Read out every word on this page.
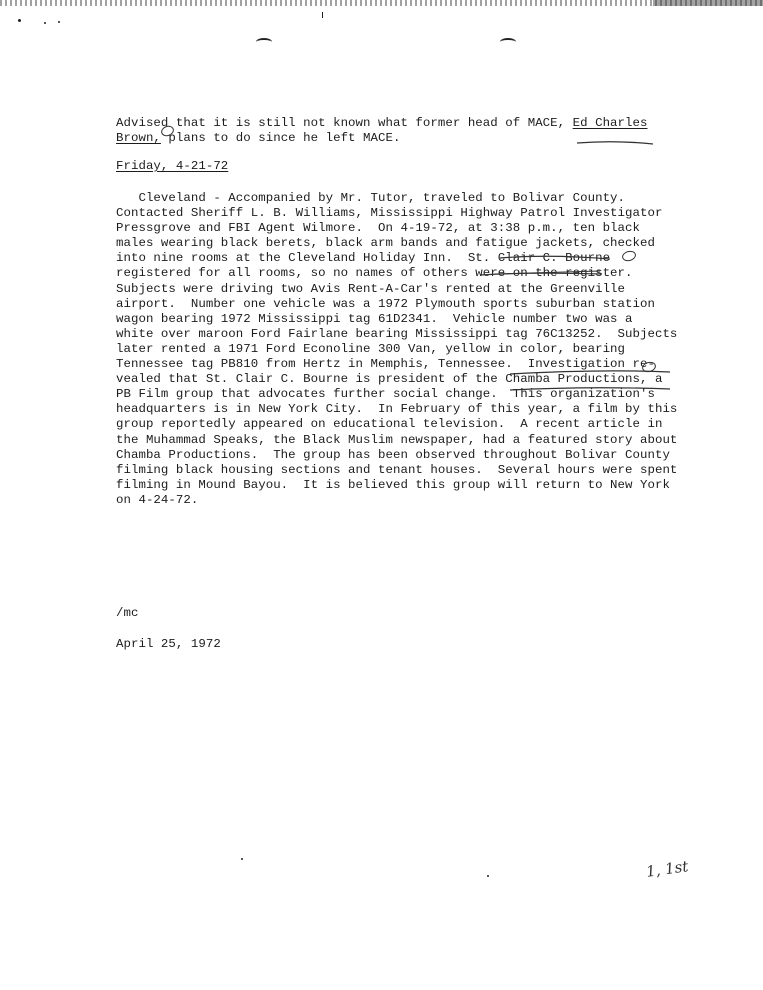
Advised that it is still not known what former head of MACE, Ed Charles
Brown, plans to do since he left MACE.
Friday, 4-21-72
Cleveland - Accompanied by Mr. Tutor, traveled to Bolivar County.
Contacted Sheriff L. B. Williams, Mississippi Highway Patrol Investigator
Pressgrove and FBI Agent Wilmore.  On 4-19-72, at 3:38 p.m., ten black
males wearing black berets, black arm bands and fatigue jackets, checked
into nine rooms at the Cleveland Holiday Inn.  St. Clair C. Bourne
registered for all rooms, so no names of others were on the register.
Subjects were driving two Avis Rent-A-Car's rented at the Greenville
airport.  Number one vehicle was a 1972 Plymouth sports suburban station
wagon bearing 1972 Mississippi tag 61D2341.  Vehicle number two was a
white over maroon Ford Fairlane bearing Mississippi tag 76C13252.  Subjects
later rented a 1971 Ford Econoline 300 Van, yellow in color, bearing
Tennessee tag PB810 from Hertz in Memphis, Tennessee.  Investigation re-
vealed that St. Clair C. Bourne is president of the Chamba Productions, a
PB Film group that advocates further social change.  This organization's
headquarters is in New York City.  In February of this year, a film by this
group reportedly appeared on educational television.  A recent article in
the Muhammad Speaks, the Black Muslim newspaper, had a featured story about
Chamba Productions.  The group has been observed throughout Bolivar County
filming black housing sections and tenant houses.  Several hours were spent
filming in Mound Bayou.  It is believed this group will return to New York
on 4-24-72.
/mc
April 25, 1972
1, 1st
